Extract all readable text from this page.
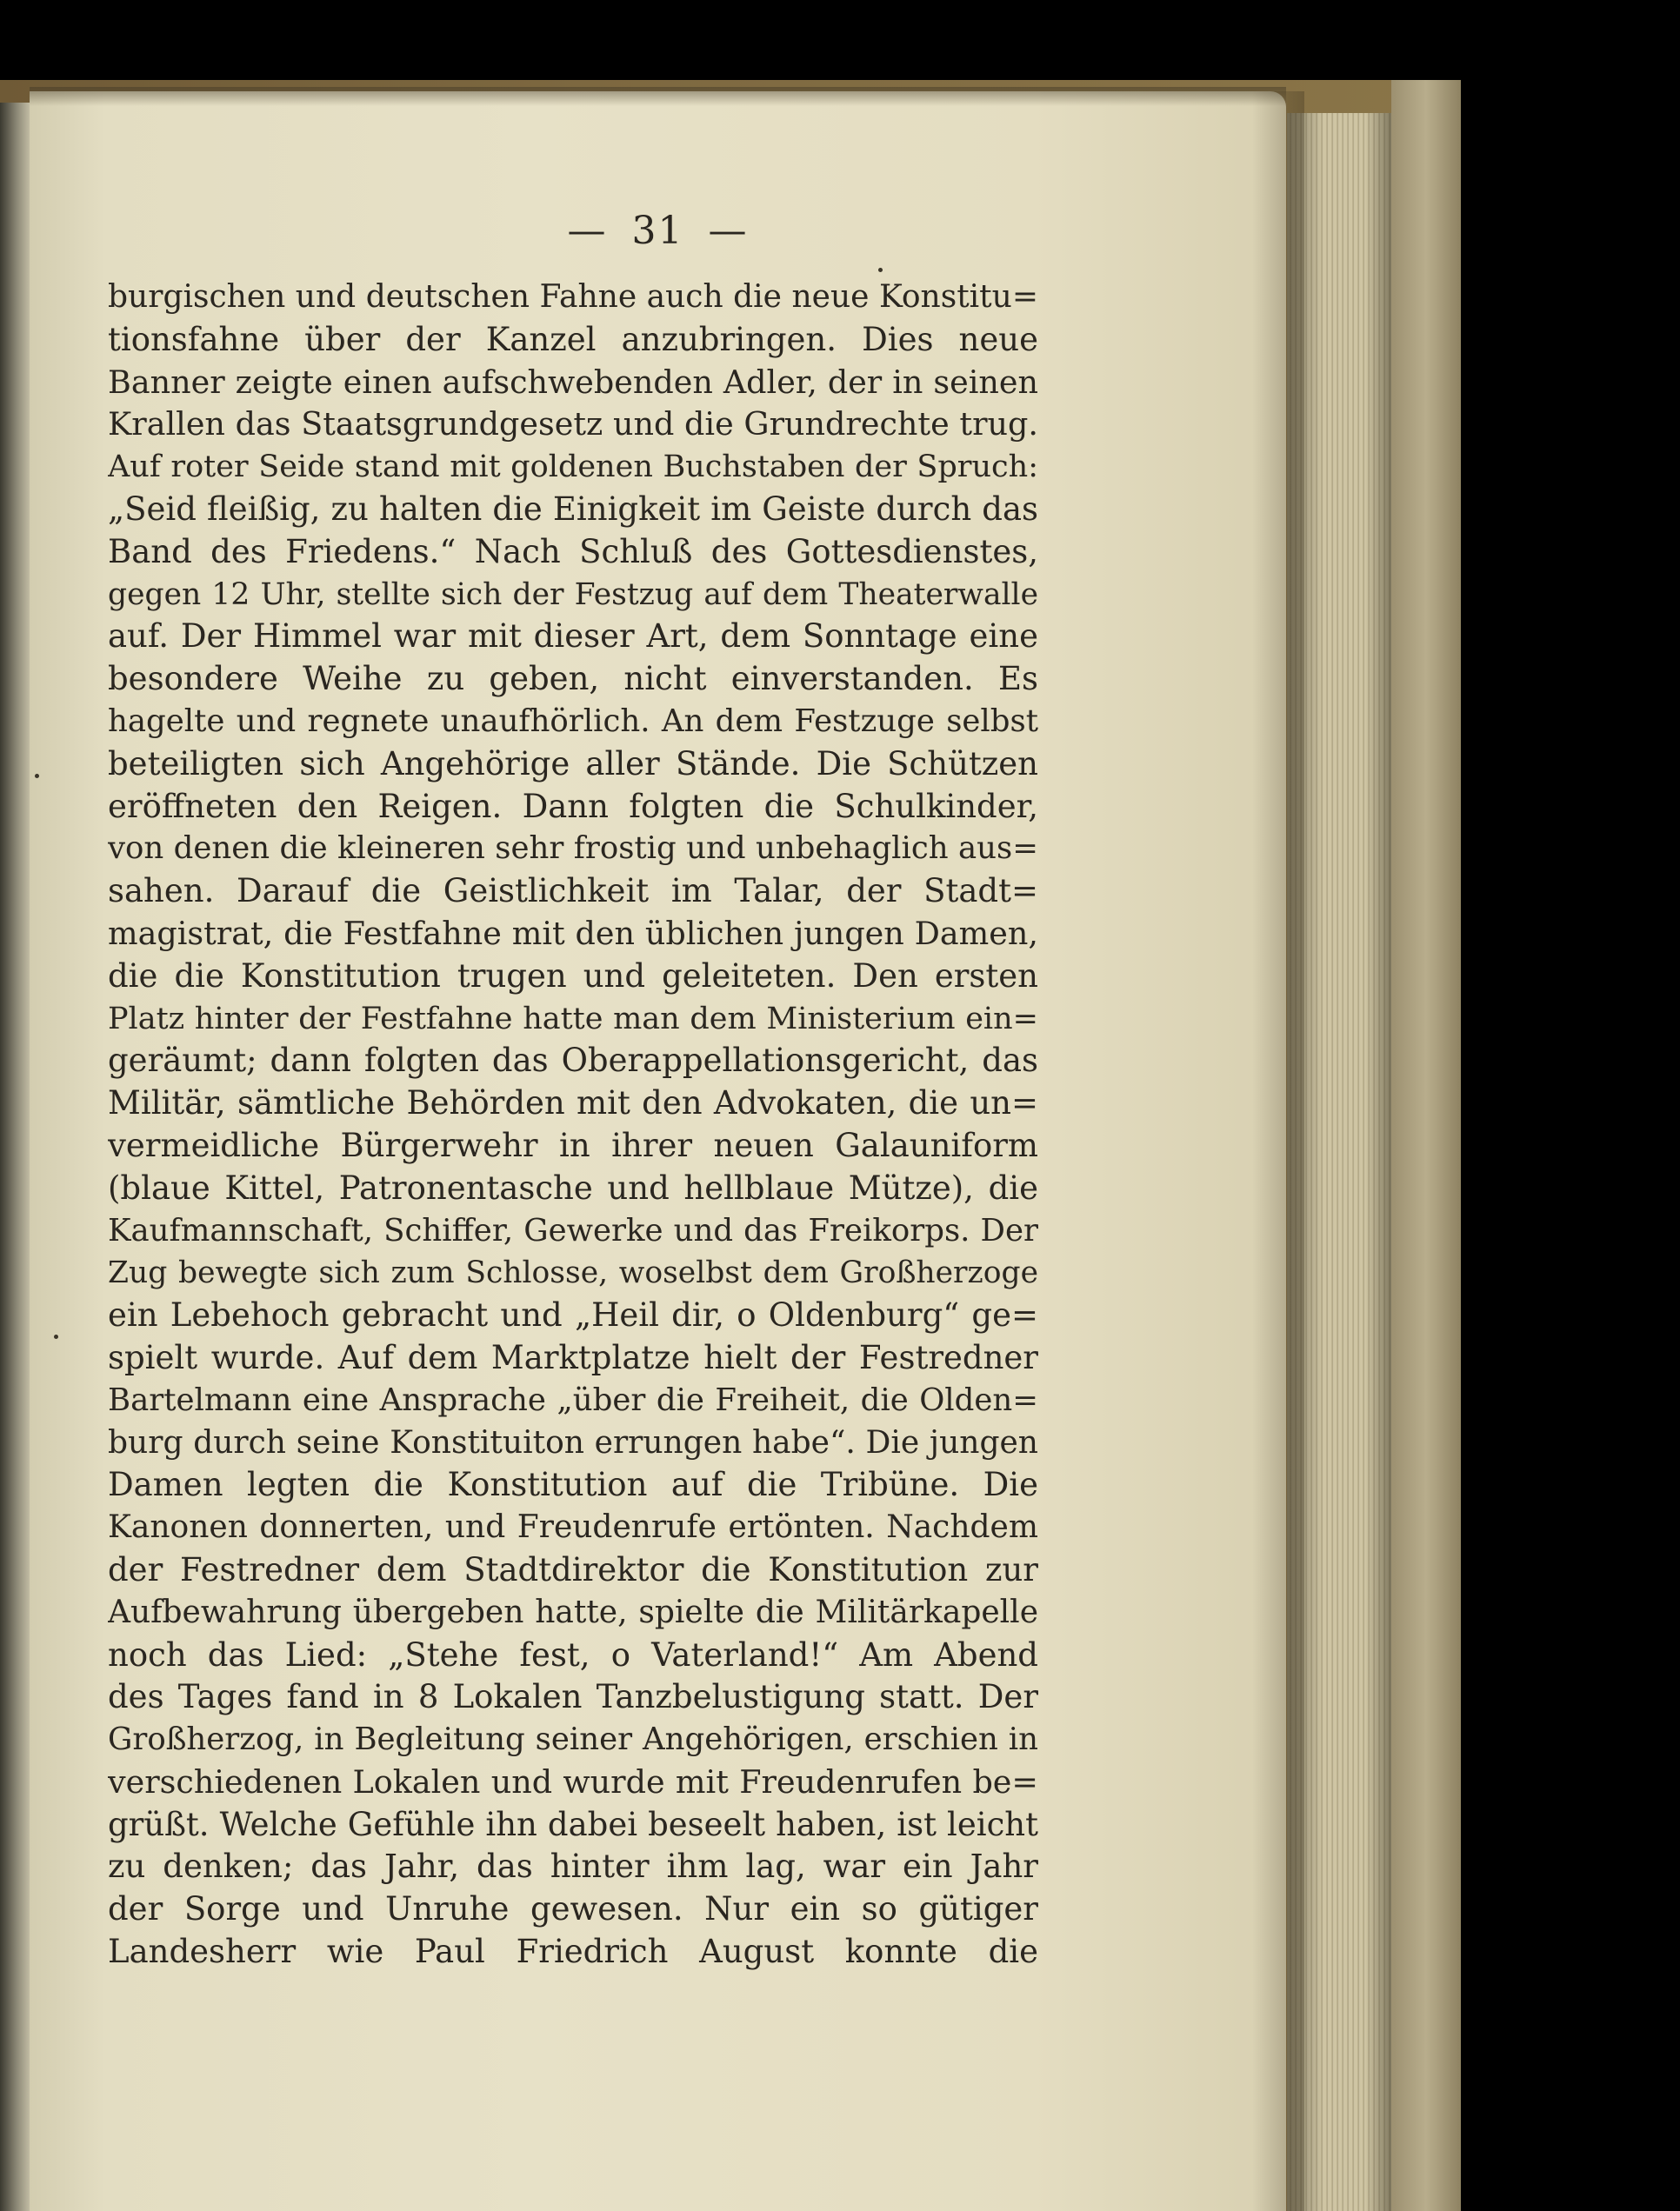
— 31 —
burgischen und deutschen Fahne auch die neue Konstitu=
tionsfahne über der Kanzel anzubringen. Dies neue
Banner zeigte einen aufschwebenden Adler, der in seinen
Krallen das Staatsgrundgesetz und die Grundrechte trug.
Auf roter Seide stand mit goldenen Buchstaben der Spruch:
„Seid fleißig, zu halten die Einigkeit im Geiste durch das
Band des Friedens.“ Nach Schluß des Gottesdienstes,
gegen 12 Uhr, stellte sich der Festzug auf dem Theaterwalle
auf. Der Himmel war mit dieser Art, dem Sonntage eine
besondere Weihe zu geben, nicht einverstanden. Es
hagelte und regnete unaufhörlich. An dem Festzuge selbst
beteiligten sich Angehörige aller Stände. Die Schützen
eröffneten den Reigen. Dann folgten die Schulkinder,
von denen die kleineren sehr frostig und unbehaglich aus=
sahen. Darauf die Geistlichkeit im Talar, der Stadt=
magistrat, die Festfahne mit den üblichen jungen Damen,
die die Konstitution trugen und geleiteten. Den ersten
Platz hinter der Festfahne hatte man dem Ministerium ein=
geräumt; dann folgten das Oberappellationsgericht, das
Militär, sämtliche Behörden mit den Advokaten, die un=
vermeidliche Bürgerwehr in ihrer neuen Galauniform
(blaue Kittel, Patronentasche und hellblaue Mütze), die
Kaufmannschaft, Schiffer, Gewerke und das Freikorps. Der
Zug bewegte sich zum Schlosse, woselbst dem Großherzoge
ein Lebehoch gebracht und „Heil dir, o Oldenburg“ ge=
spielt wurde. Auf dem Marktplatze hielt der Festredner
Bartelmann eine Ansprache „über die Freiheit, die Olden=
burg durch seine Konstituiton errungen habe“. Die jungen
Damen legten die Konstitution auf die Tribüne. Die
Kanonen donnerten, und Freudenrufe ertönten. Nachdem
der Festredner dem Stadtdirektor die Konstitution zur
Aufbewahrung übergeben hatte, spielte die Militärkapelle
noch das Lied: „Stehe fest, o Vaterland!“ Am Abend
des Tages fand in 8 Lokalen Tanzbelustigung statt. Der
Großherzog, in Begleitung seiner Angehörigen, erschien in
verschiedenen Lokalen und wurde mit Freudenrufen be=
grüßt. Welche Gefühle ihn dabei beseelt haben, ist leicht
zu denken; das Jahr, das hinter ihm lag, war ein Jahr
der Sorge und Unruhe gewesen. Nur ein so gütiger
Landesherr wie Paul Friedrich August konnte die
